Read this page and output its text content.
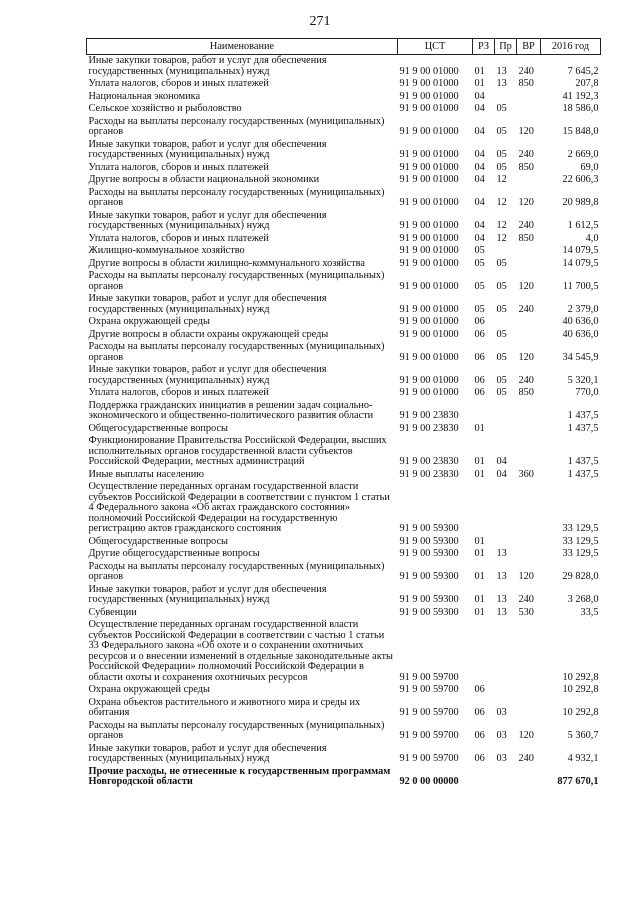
271
Наименование	ЦСТ	РЗ	Пр	ВР	2016 год
Иные закупки товаров, работ и услуг для обеспечения государственных (муниципальных) нужд	91 9 00 01000	01	13	240	7 645,2
Уплата налогов, сборов и иных платежей	91 9 00 01000	01	13	850	207,8
Национальная экономика	91 9 00 01000	04			41 192,3
Сельское хозяйство и рыболовство	91 9 00 01000	04	05		18 586,0
Расходы на выплаты персоналу государственных (муниципальных) органов	91 9 00 01000	04	05	120	15 848,0
Иные закупки товаров, работ и услуг для обеспечения государственных (муниципальных) нужд	91 9 00 01000	04	05	240	2 669,0
Уплата налогов, сборов и иных платежей	91 9 00 01000	04	05	850	69,0
Другие вопросы в области национальной экономики	91 9 00 01000	04	12		22 606,3
Расходы на выплаты персоналу государственных (муниципальных) органов	91 9 00 01000	04	12	120	20 989,8
Иные закупки товаров, работ и услуг для обеспечения государственных (муниципальных) нужд	91 9 00 01000	04	12	240	1 612,5
Уплата налогов, сборов и иных платежей	91 9 00 01000	04	12	850	4,0
Жилищно-коммунальное хозяйство	91 9 00 01000	05			14 079,5
Другие вопросы в области жилищно-коммунального хозяйства	91 9 00 01000	05	05		14 079,5
Расходы на выплаты персоналу государственных (муниципальных) органов	91 9 00 01000	05	05	120	11 700,5
Иные закупки товаров, работ и услуг для обеспечения государственных (муниципальных) нужд	91 9 00 01000	05	05	240	2 379,0
Охрана окружающей среды	91 9 00 01000	06			40 636,0
Другие вопросы в области охраны окружающей среды	91 9 00 01000	06	05		40 636,0
Расходы на выплаты персоналу государственных (муниципальных) органов	91 9 00 01000	06	05	120	34 545,9
Иные закупки товаров, работ и услуг для обеспечения государственных (муниципальных) нужд	91 9 00 01000	06	05	240	5 320,1
Уплата налогов, сборов и иных платежей	91 9 00 01000	06	05	850	770,0
Поддержка гражданских инициатив в решении задач социально-экономического и общественно-политического развития области	91 9 00 23830				1 437,5
Общегосударственные вопросы	91 9 00 23830	01			1 437,5
Функционирование Правительства Российской Федерации, высших исполнительных органов государственной власти субъектов Российской Федерации, местных администраций	91 9 00 23830	01	04		1 437,5
Иные выплаты населению	91 9 00 23830	01	04	360	1 437,5
Осуществление переданных органам государственной власти субъектов Российской Федерации в соответствии с пунктом 1 статьи 4 Федерального закона «Об актах гражданского состояния» полномочий Российской Федерации на государственную регистрацию актов гражданского состояния	91 9 00 59300				33 129,5
Общегосударственные вопросы	91 9 00 59300	01			33 129,5
Другие общегосударственные вопросы	91 9 00 59300	01	13		33 129,5
Расходы на выплаты персоналу государственных (муниципальных) органов	91 9 00 59300	01	13	120	29 828,0
Иные закупки товаров, работ и услуг для обеспечения государственных (муниципальных) нужд	91 9 00 59300	01	13	240	3 268,0
Субвенции	91 9 00 59300	01	13	530	33,5
Осуществление переданных органам государственной власти субъектов Российской Федерации в соответствии с частью 1 статьи 33 Федерального закона «Об охоте и о сохранении охотничьих ресурсов и о внесении изменений в отдельные законодательные акты Российской Федерации» полномочий Российской Федерации в области охоты и сохранения охотничьих ресурсов	91 9 00 59700				10 292,8
Охрана окружающей среды	91 9 00 59700	06			10 292,8
Охрана объектов растительного и животного мира и среды их обитания	91 9 00 59700	06	03		10 292,8
Расходы на выплаты персоналу государственных (муниципальных) органов	91 9 00 59700	06	03	120	5 360,7
Иные закупки товаров, работ и услуг для обеспечения государственных (муниципальных) нужд	91 9 00 59700	06	03	240	4 932,1
Прочие расходы, не отнесенные к государственным программам Новгородской области	92 0 00 00000				877 670,1
